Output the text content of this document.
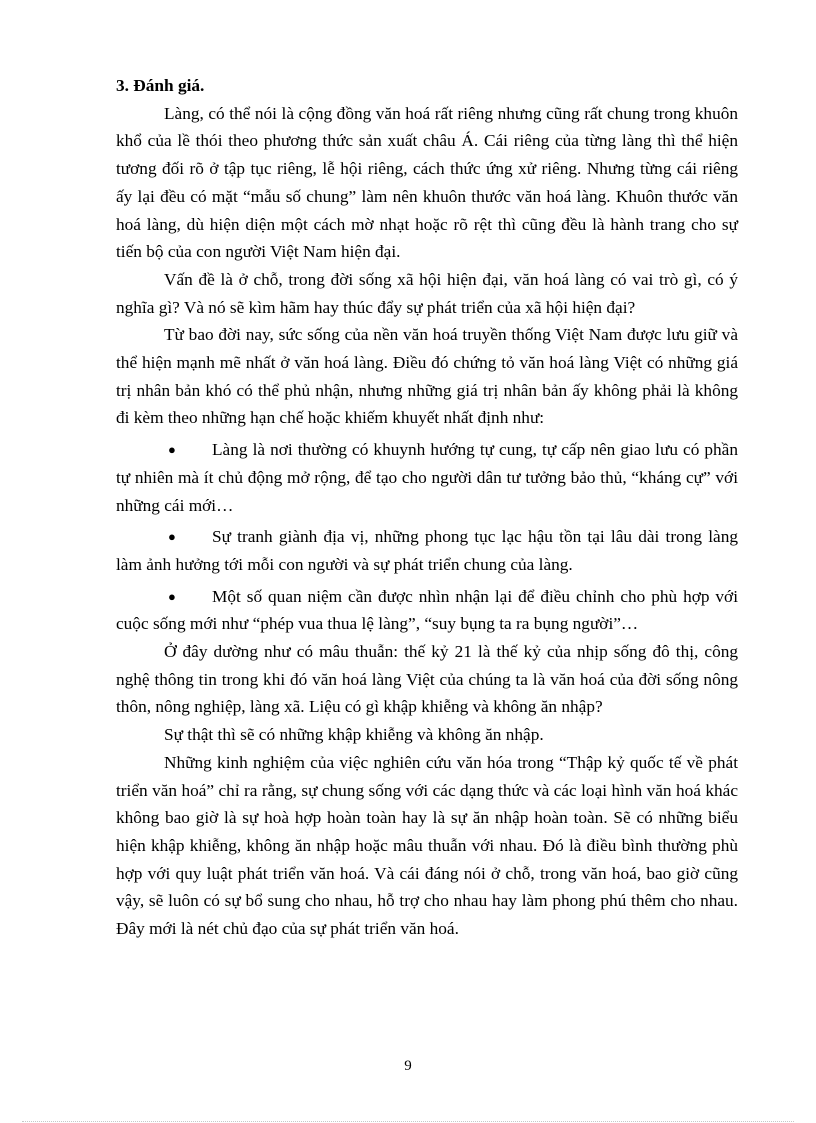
3. Đánh giá.

Làng, có thể nói là cộng đồng văn hoá rất riêng nhưng cũng rất chung trong khuôn khổ của lề thói theo phương thức sản xuất châu Á. Cái riêng của từng làng thì thể hiện tương đối rõ ở tập tục riêng, lễ hội riêng, cách thức ứng xử riêng. Nhưng từng cái riêng ấy lại đều có mặt “mẫu số chung” làm nên khuôn thước văn hoá làng. Khuôn thước văn hoá làng, dù hiện diện một cách mờ nhạt hoặc rõ rệt thì cũng đều là hành trang cho sự tiến bộ của con người Việt Nam hiện đại.

Vấn đề là ở chỗ, trong đời sống xã hội hiện đại, văn hoá làng có vai trò gì, có ý nghĩa gì? Và nó sẽ kìm hãm hay thúc đẩy sự phát triển của xã hội hiện đại?

Từ bao đời nay, sức sống của nền văn hoá truyền thống Việt Nam được lưu giữ và thể hiện mạnh mẽ nhất ở văn hoá làng. Điều đó chứng tỏ văn hoá làng Việt có những giá trị nhân bản khó có thể phủ nhận, nhưng những giá trị nhân bản ấy không phải là không đi kèm theo những hạn chế hoặc khiếm khuyết nhất định như:

● Làng là nơi thường có khuynh hướng tự cung, tự cấp nên giao lưu có phần tự nhiên mà ít chủ động mở rộng, để tạo cho người dân tư tưởng bảo thủ, “kháng cự” với những cái mới…

● Sự tranh giành địa vị, những phong tục lạc hậu tồn tại lâu dài trong làng làm ảnh hưởng tới mỗi con người và sự phát triển chung của làng.

● Một số quan niệm cần được nhìn nhận lại để điều chỉnh cho phù hợp với cuộc sống mới như “phép vua thua lệ làng”, “suy bụng ta ra bụng người”…

Ở đây dường như có mâu thuẫn: thế kỷ 21 là thế kỷ của nhịp sống đô thị, công nghệ thông tin trong khi đó văn hoá làng Việt của chúng ta là văn hoá của đời sống nông thôn, nông nghiệp, làng xã. Liệu có gì khập khiễng và không ăn nhập?

Sự thật thì sẽ có những khập khiễng và không ăn nhập.

Những kinh nghiệm của việc nghiên cứu văn hóa trong “Thập kỷ quốc tế về phát triển văn hoá” chỉ ra rằng, sự chung sống với các dạng thức và các loại hình văn hoá khác không bao giờ là sự hoà hợp hoàn toàn hay là sự ăn nhập hoàn toàn. Sẽ có những biểu hiện khập khiễng, không ăn nhập hoặc mâu thuẫn với nhau. Đó là điều bình thường phù hợp với quy luật phát triển văn hoá. Và cái đáng nói ở chỗ, trong văn hoá, bao giờ cũng vậy, sẽ luôn có sự bổ sung cho nhau, hỗ trợ cho nhau hay làm phong phú thêm cho nhau. Đây mới là nét chủ đạo của sự phát triển văn hoá.

9
